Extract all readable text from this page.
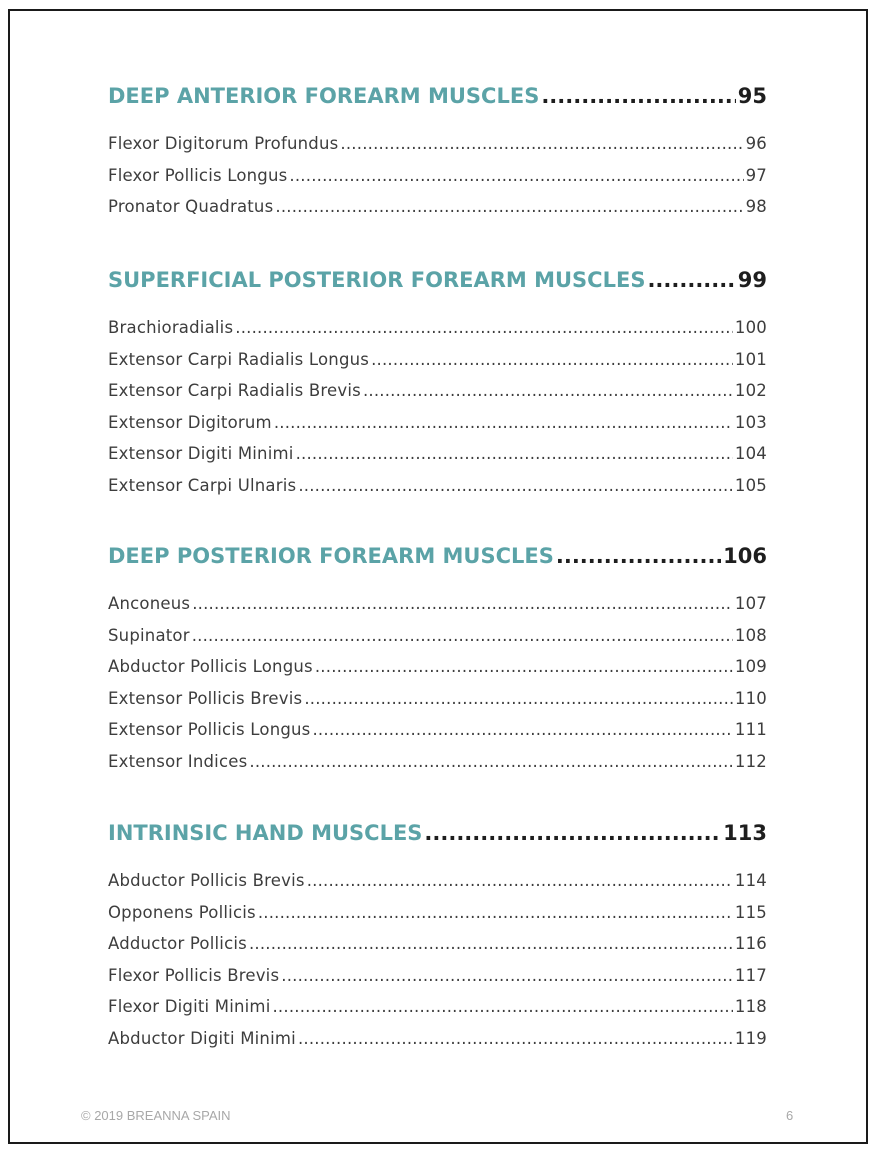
DEEP ANTERIOR FOREARM MUSCLES .....	95
Flexor Digitorum Profundus .....	96
Flexor Pollicis Longus .....	97
Pronator Quadratus .....	98
SUPERFICIAL POSTERIOR FOREARM MUSCLES .....	99
Brachioradialis .....	100
Extensor Carpi Radialis Longus .....	101
Extensor Carpi Radialis Brevis .....	102
Extensor Digitorum .....	103
Extensor Digiti Minimi .....	104
Extensor Carpi Ulnaris .....	105
DEEP POSTERIOR FOREARM MUSCLES .....	106
Anconeus .....	107
Supinator .....	108
Abductor Pollicis Longus .....	109
Extensor Pollicis Brevis .....	110
Extensor Pollicis Longus .....	111
Extensor Indices .....	112
INTRINSIC HAND MUSCLES .....	113
Abductor Pollicis Brevis .....	114
Opponens Pollicis .....	115
Adductor Pollicis .....	116
Flexor Pollicis Brevis .....	117
Flexor Digiti Minimi .....	118
Abductor Digiti Minimi .....	119
© 2019 BREANNA SPAIN	6
